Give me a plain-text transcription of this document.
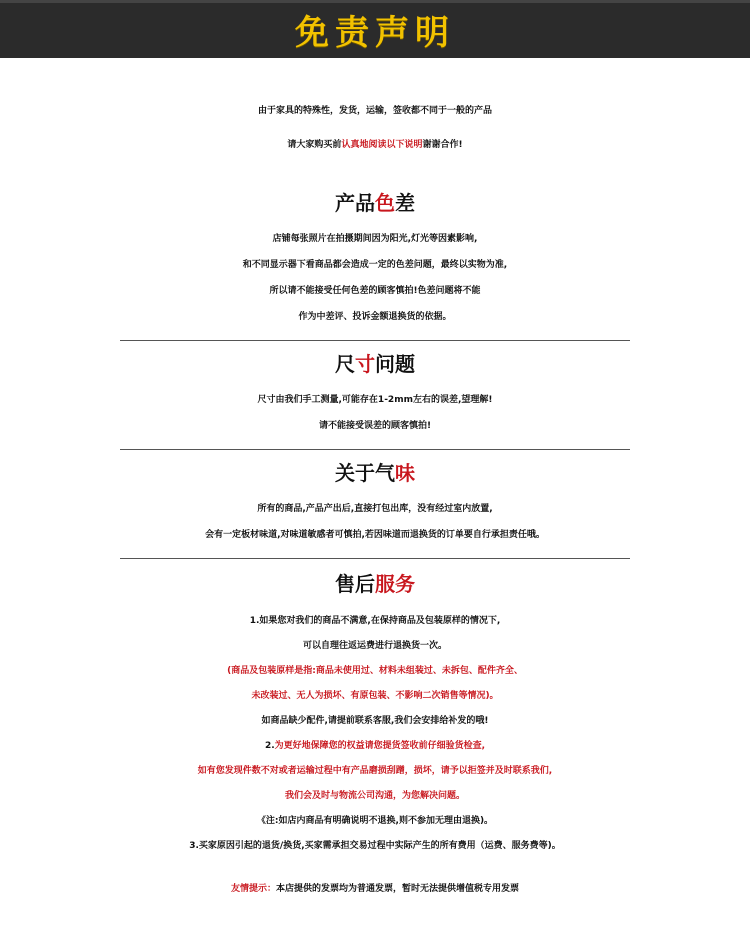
免责声明
由于家具的特殊性，发货，运输，签收都不同于一般的产品
请大家购买前认真地阅读以下说明谢谢合作!
产品色差
店铺每张照片在拍摄期间因为阳光,灯光等因素影响,
和不同显示器下看商品都会造成一定的色差问题，最终以实物为准,
所以请不能接受任何色差的顾客慎拍!色差问题将不能
作为中差评、投诉金额退换货的依据。
尺寸问题
尺寸由我们手工测量,可能存在1-2mm左右的误差,望理解!
请不能接受误差的顾客慎拍!
关于气味
所有的商品,产品产出后,直接打包出库，没有经过室内放置,
会有一定板材味道,对味道敏感者可慎拍,若因味道而退换货的订单要自行承担责任哦。
售后服务
1.如果您对我们的商品不满意,在保持商品及包装原样的情况下,
可以自理往返运费进行退换货一次。
(商品及包装原样是指:商品未使用过、材料未组装过、未拆包、配件齐全、
未改装过、无人为损坏、有原包装、不影响二次销售等情况)。
如商品缺少配件,请提前联系客服,我们会安排给补发的哦!
2.为更好地保障您的权益请您提货签收前仔细验货检查,
如有您发现件数不对或者运输过程中有产品磨损刮蹭，损坏，请予以拒签并及时联系我们,
我们会及时与物流公司沟通，为您解决问题。
《注:如店内商品有明确说明不退换,则不参加无理由退换)。
3.买家原因引起的退货/换货,买家需承担交易过程中实际产生的所有费用（运费、服务费等)。
友情提示：本店提供的发票均为普通发票，暂时无法提供增值税专用发票
